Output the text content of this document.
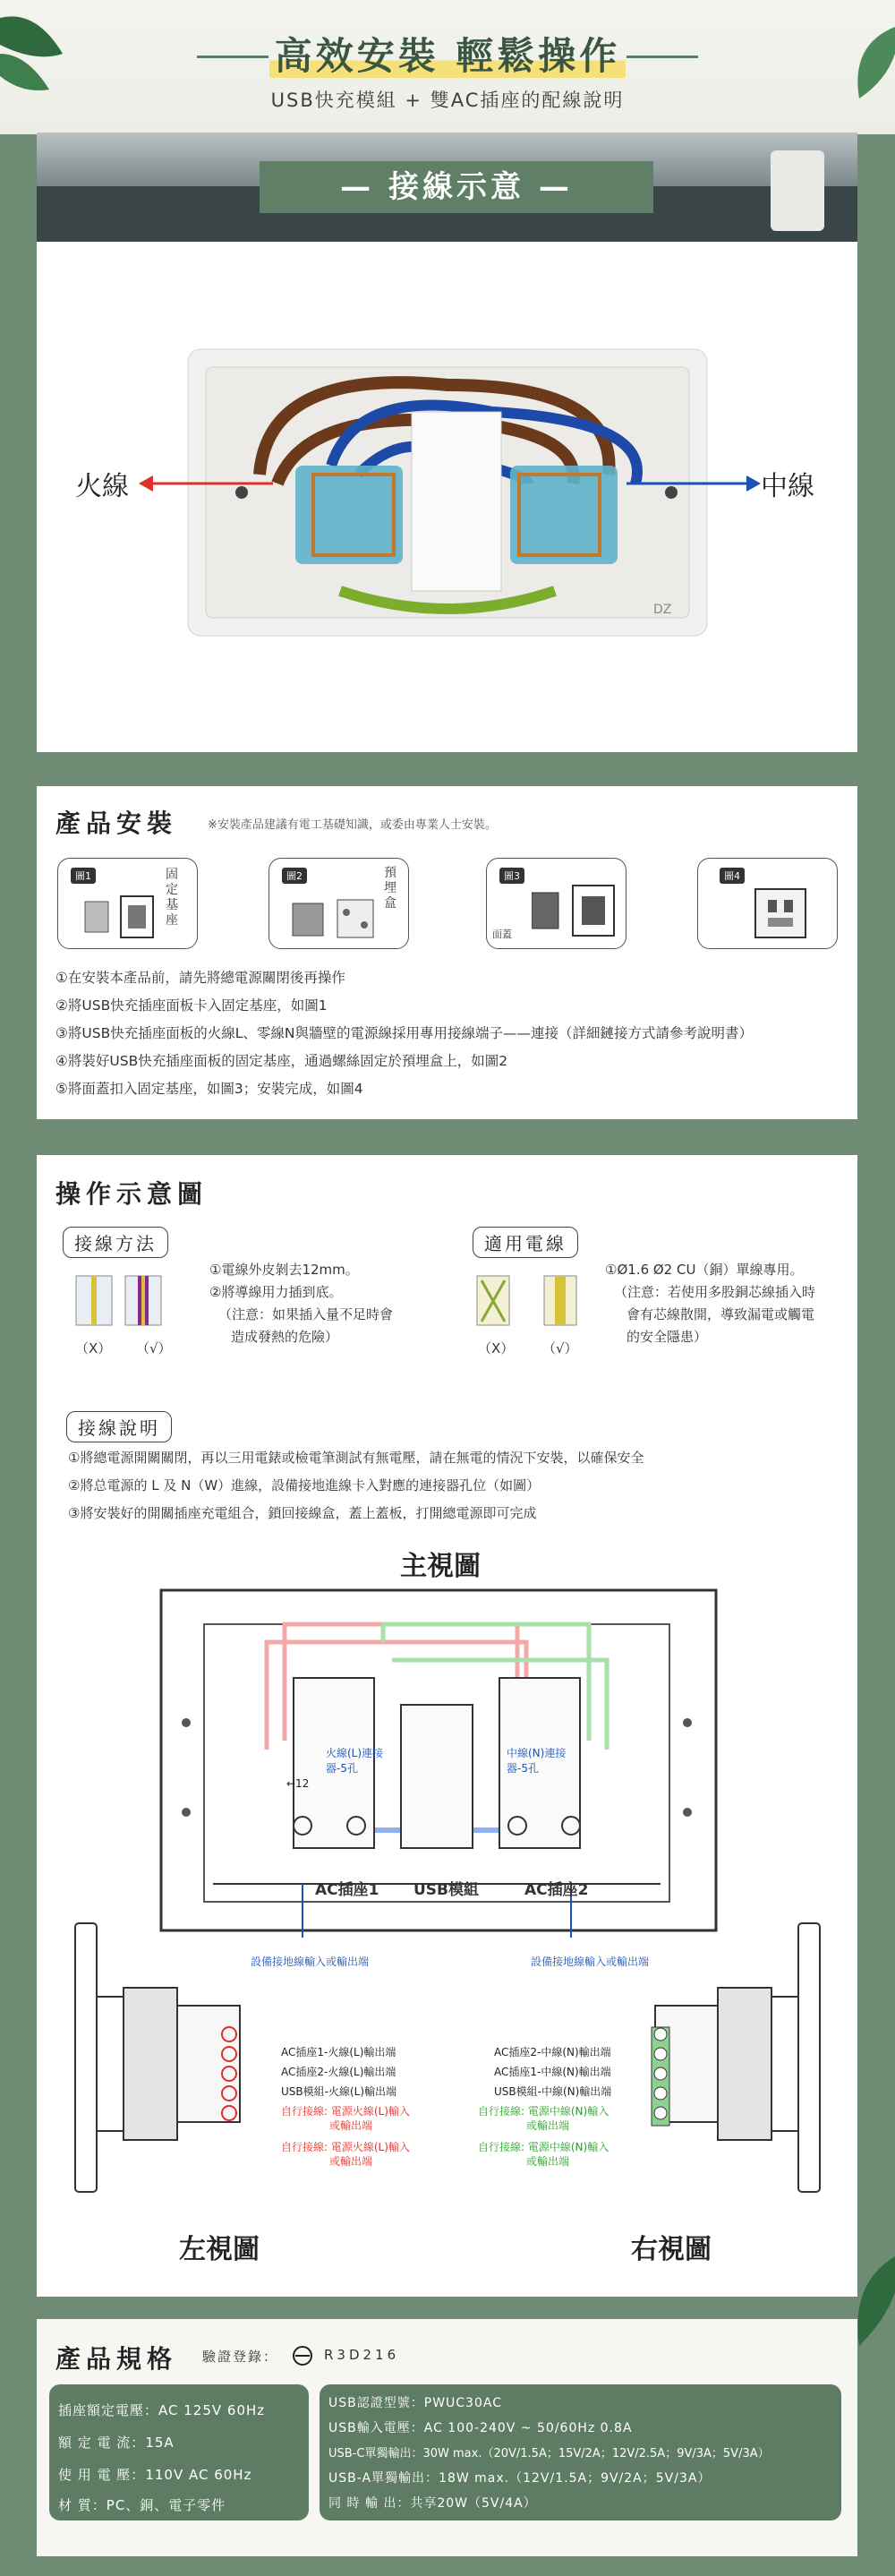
高效安裝 輕鬆操作
USB快充模組 + 雙AC插座的配線說明
— 接線示意 —
DZ
火線	中線
產品安裝	※安裝產品建議有電工基礎知識，或委由專業人士安裝。
圖1	固定基座
圖2	預埋盒
圖3
面蓋
圖4
①在安裝本產品前，請先將總電源關閉後再操作
②將USB快充插座面板卡入固定基座，如圖1
③將USB快充插座面板的火線L、零線N與牆壁的電源線採用專用接線端子——連接（詳細鏈接方式請參考說明書）
④將裝好USB快充插座面板的固定基座，通過螺絲固定於預埋盒上，如圖2
⑤將面蓋扣入固定基座，如圖3；安裝完成，如圖4
操作示意圖
接線方法
（X） （√）
①電線外皮剝去12mm。
②將導線用力插到底。
（注意：如果插入量不足時會
造成發熱的危險）
適用電線
（X） （√）
①Ø1.6 Ø2 CU（銅）單線專用。
（注意：若使用多股銅芯線插入時
會有芯線散開，導致漏電或觸電
的安全隱患）
接線說明
①將總電源開關關閉，再以三用電錶或檢電筆測試有無電壓，請在無電的情況下安裝，以確保安全
②將总電源的 L 及 N（W）進線，設備接地進線卡入對應的連接器孔位（如圖）
③將安裝好的開關插座充電組合，鎖回接線盒，蓋上蓋板，打開總電源即可完成
主視圖
火線(L)連接器-5孔
中線(N)連接器-5孔
←12
AC插座1 USB模組	AC插座2
設備接地線輸入或輸出端	設備接地線輸入或輸出端
AC插座1-火線(L)輸出端
AC插座2-火線(L)輸出端
USB模組-火線(L)輸出端
自行接線: 電源火線(L)輸入
或輸出端
自行接線: 電源火線(L)輸入
或輸出端
左視圖
AC插座2-中線(N)輸出端
AC插座1-中線(N)輸出端
USB模組-中線(N)輸出端
自行接線: 電源中線(N)輸入
或輸出端
自行接線: 電源中線(N)輸入
或輸出端
右視圖
產品規格 驗證登錄：	R3D216
插座額定電壓：AC 125V 60Hz
額 定 電 流：15A
使 用 電 壓：110V AC 60Hz
材 質：PC、銅、電子零件
USB認證型號：PWUC30AC
USB輸入電壓：AC 100-240V ~ 50/60Hz 0.8A
USB-C單獨輸出：30W max.（20V/1.5A；15V/2A；12V/2.5A；9V/3A；5V/3A）
USB-A單獨輸出：18W max.（12V/1.5A；9V/2A；5V/3A）
同 時 輸 出：共享20W（5V/4A）
